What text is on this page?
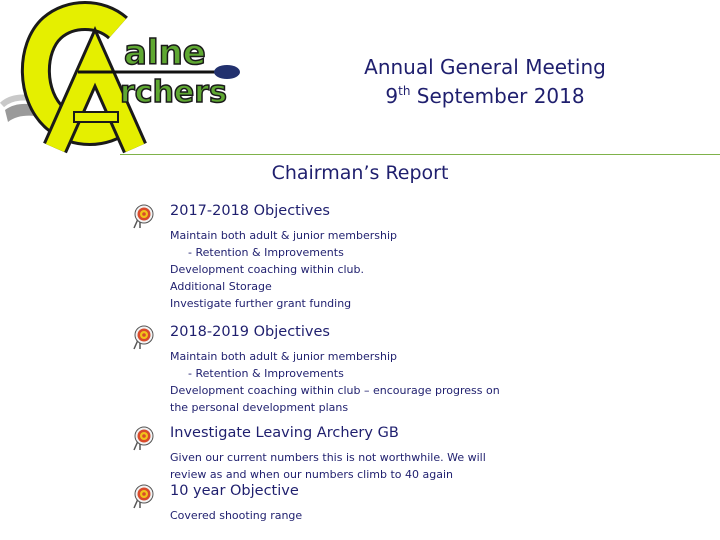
alne
rchers
Annual General Meeting
9th September 2018
Chairman’s Report
2017-2018 Objectives
Maintain both adult & junior membership
- Retention & Improvements
Development coaching within club.
Additional Storage
Investigate further grant funding
2018-2019 Objectives
Maintain both adult & junior membership
- Retention & Improvements
Development coaching within club – encourage progress on
the personal development plans
Investigate Leaving Archery GB
Given our current numbers this is not worthwhile. We will
review as and when our numbers climb to 40 again
10 year Objective
Covered shooting range
